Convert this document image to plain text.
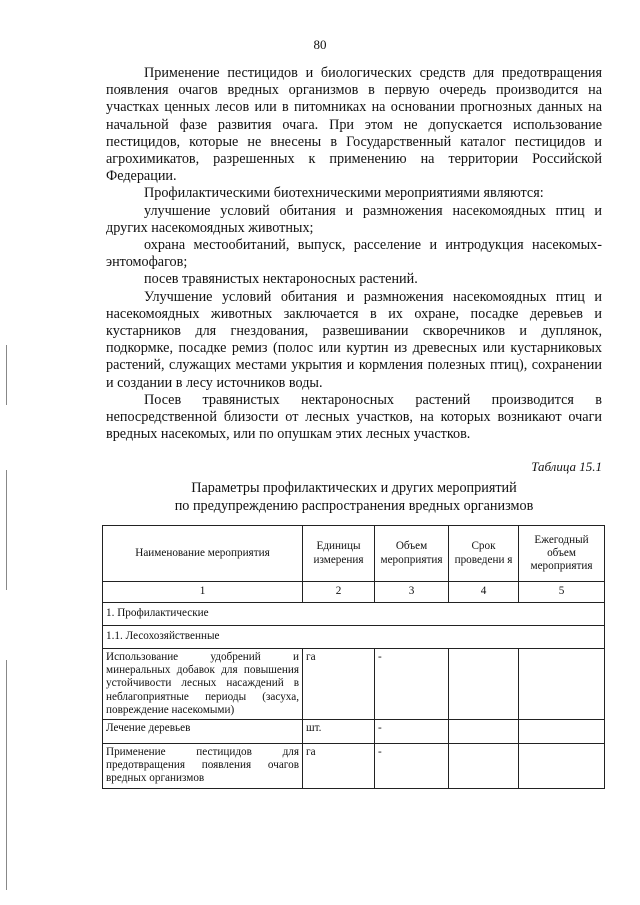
80

Применение пестицидов и биологических средств для предотвращения появления очагов вредных организмов в первую очередь производится на участках ценных лесов или в питомниках на основании прогнозных данных на начальной фазе развития очага. При этом не допускается использование пестицидов, которые не внесены в Государственный каталог пестицидов и агрохимикатов, разрешенных к применению на территории Российской Федерации.

Профилактическими биотехническими мероприятиями являются:

улучшение условий обитания и размножения насекомоядных птиц и других насекомоядных животных;

охрана местообитаний, выпуск, расселение и интродукция насекомых-энтомофагов;

посев травянистых нектароносных растений.

Улучшение условий обитания и размножения насекомоядных птиц и насекомоядных животных заключается в их охране, посадке деревьев и кустарников для гнездования, развешивании скворечников и дуплянок, подкормке, посадке ремиз (полос или куртин из древесных или кустарниковых растений, служащих местами укрытия и кормления полезных птиц), сохранении и создании в лесу источников воды.

Посев травянистых нектароносных растений производится в непосредственной близости от лесных участков, на которых возникают очаги вредных насекомых, или по опушкам этих лесных участков.

Таблица 15.1
Параметры профилактических и других мероприятий
по предупреждению распространения вредных организмов
Наименование мероприятия	Единицы измерения	Объем мероприятия	Срок проведени я	Ежегодный объем мероприятия
1	2	3	4	5
1. Профилактические				
1.1. Лесохозяйственные				
Использование удобрений и минеральных добавок для повышения устойчивости лесных насаждений в неблагоприятные периоды (засуха, повреждение насекомыми)	га	-		
Лечение деревьев	шт.	-		
Применение пестицидов для предотвращения появления очагов вредных организмов	га	-		
